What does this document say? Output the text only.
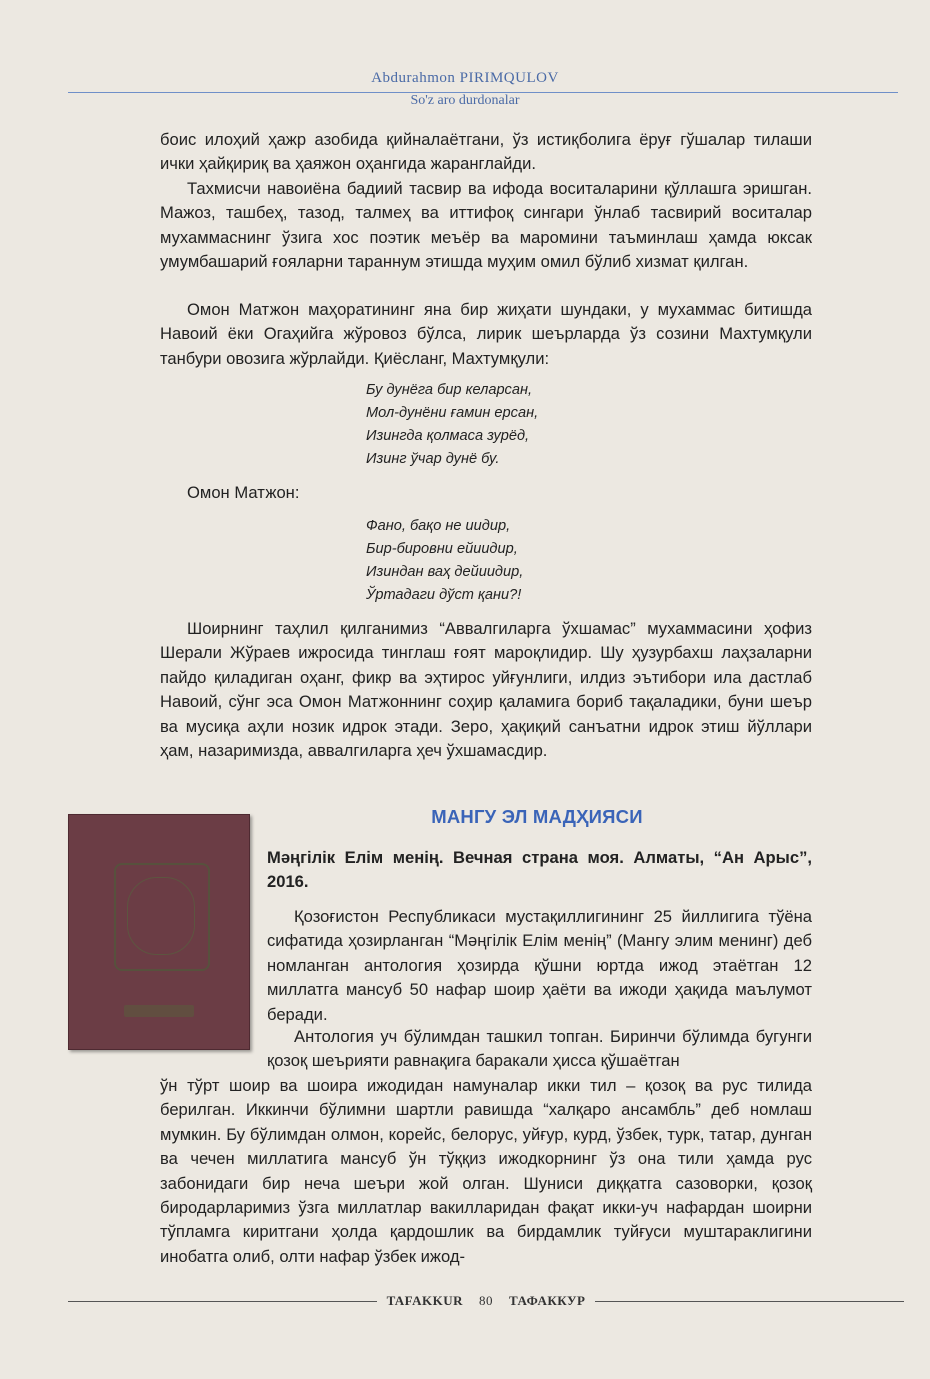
Abdurahmon PIRIMQULOV
So'z aro durdonalar
боис илоҳий ҳажр азобида қийналаётгани, ўз истиқболига ёруғ гўшалар тилаши ички ҳайқириқ ва ҳаяжон оҳангида жаранглайди.
Тахмисчи навоиёна бадиий тасвир ва ифода воситаларини қўллашга эришган. Мажоз, ташбеҳ, тазод, талмеҳ ва иттифоқ сингари ўнлаб тасвирий воситалар мухаммаснинг ўзига хос поэтик меъёр ва маромини таъминлаш ҳамда юксак умумбашарий ғояларни тараннум этишда муҳим омил бўлиб хизмат қилган.
Омон Матжон маҳоратининг яна бир жиҳати шундаки, у мухаммас битишда Навоий ёки Огаҳийга жўровоз бўлса, лирик шеърларда ўз созини Махтумқули танбури овозига жўрлайди. Қиёсланг, Махтумқули:
Бу дунёга бир келарсан,
Мол-дунёни ғамин ерсан,
Изингда қолмаса зурёд,
Изинг ўчар дунё бу.
Омон Матжон:
Фано, бақо не иидир,
Бир-бировни ейиидир,
Изиндан ваҳ дейиидир,
Ўртадаги дўст қани?!
Шоирнинг таҳлил қилганимиз “Аввалгиларга ўхшамас” мухаммасини ҳофиз Шерали Жўраев ижросида тинглаш ғоят мароқлидир. Шу ҳузурбахш лаҳзаларни пайдо қиладиган оҳанг, фикр ва эҳтирос уйғунлиги, илдиз эътибори ила дастлаб Навоий, сўнг эса Омон Матжоннинг соҳир қаламига бориб тақаладики, буни шеър ва мусиқа аҳли нозик идрок этади. Зеро, ҳақиқий санъатни идрок этиш йўллари ҳам, назаримизда, аввалгиларга ҳеч ўхшамасдир.
МАНГУ ЭЛ МАДҲИЯСИ
Мәңгілік Елім менің. Вечная страна моя. Алматы, “Ан Арыс”, 2016.
Қозоғистон Республикаси мустақиллигининг 25 йиллигига тўёна сифатида ҳозирланган “Мәңгілік Елім менің” (Мангу элим менинг) деб номланган антология ҳозирда қўшни юртда ижод этаётган 12 миллатга мансуб 50 нафар шоир ҳаёти ва ижоди ҳақида маълумот беради.
Антология уч бўлимдан ташкил топган. Биринчи бўлимда бугунги қозоқ шеърияти равнақига баракали ҳисса қўшаётган
ўн тўрт шоир ва шоира ижодидан намуналар икки тил – қозоқ ва рус тилида берилган. Иккинчи бўлимни шартли равишда “халқаро ансамбль” деб номлаш мумкин. Бу бўлимдан олмон, корейс, белорус, уйғур, курд, ўзбек, турк, татар, дунган ва чечен миллатига мансуб ўн тўққиз ижодкорнинг ўз она тили ҳамда рус забонидаги бир неча шеъри жой олган. Шуниси диққатга сазоворки, қозоқ биродарларимиз ўзга миллатлар вакилларидан фақат икки-уч нафардан шоирни тўпламга киритгани ҳолда қардошлик ва бирдамлик туйғуси муштараклигини инобатга олиб, олти нафар ўзбек ижод-
TAFAKKUR	80	ТАФАККУР
